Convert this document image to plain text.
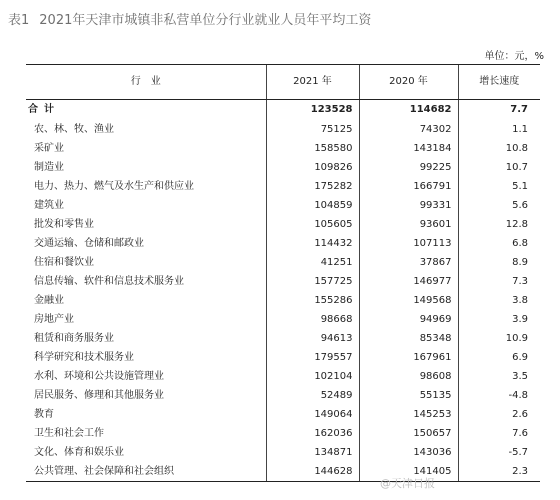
表1 2021年天津市城镇非私营单位分行业就业人员年平均工资
单位：元，%
行　业	2021 年	2020 年	增长速度
合计	123528	114682	7.7
农、林、牧、渔业	75125	74302	1.1
采矿业	158580	143184	10.8
制造业	109826	99225	10.7
电力、热力、燃气及水生产和供应业	175282	166791	5.1
建筑业	104859	99331	5.6
批发和零售业	105605	93601	12.8
交通运输、仓储和邮政业	114432	107113	6.8
住宿和餐饮业	41251	37867	8.9
信息传输、软件和信息技术服务业	157725	146977	7.3
金融业	155286	149568	3.8
房地产业	98668	94969	3.9
租赁和商务服务业	94613	85348	10.9
科学研究和技术服务业	179557	167961	6.9
水利、环境和公共设施管理业	102104	98608	3.5
居民服务、修理和其他服务业	52489	55135	-4.8
教育	149064	145253	2.6
卫生和社会工作	162036	150657	7.6
文化、体育和娱乐业	134871	143036	-5.7
公共管理、社会保障和社会组织	144628	141405	2.3
@天津日报
